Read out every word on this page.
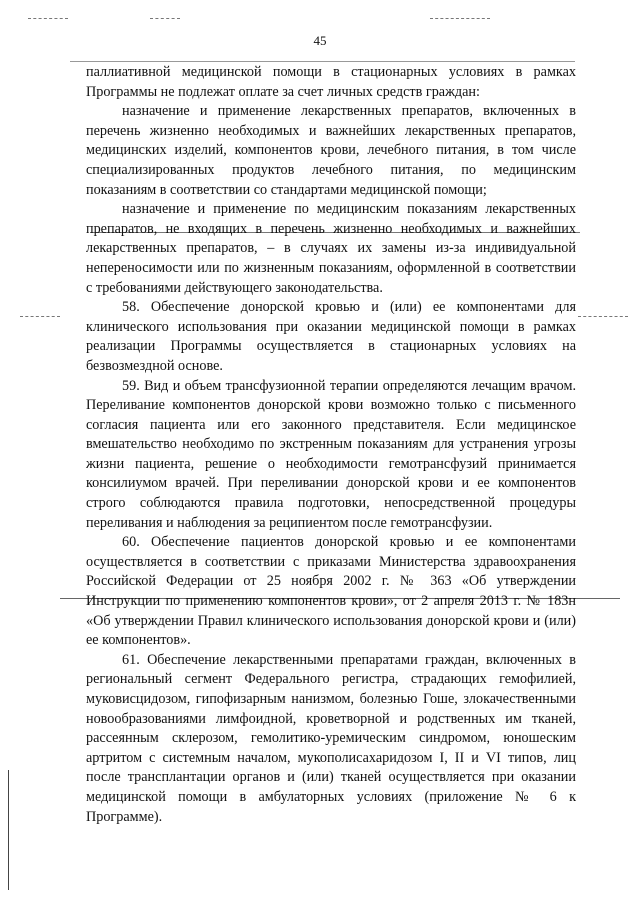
45

паллиативной медицинской помощи в стационарных условиях в рамках Программы не подлежат оплате за счет личных средств граждан:

назначение и применение лекарственных препаратов, включенных в перечень жизненно необходимых и важнейших лекарственных препаратов, медицинских изделий, компонентов крови, лечебного питания, в том числе специализированных продуктов лечебного питания, по медицинским показаниям в соответствии со стандартами медицинской помощи;

назначение и применение по медицинским показаниям лекарственных препаратов, не входящих в перечень жизненно необходимых и важнейших лекарственных препаратов, – в случаях их замены из-за индивидуальной непереносимости или по жизненным показаниям, оформленной в соответствии с требованиями действующего законодательства.

58. Обеспечение донорской кровью и (или) ее компонентами для клинического использования при оказании медицинской помощи в рамках реализации Программы осуществляется в стационарных условиях на безвозмездной основе.

59. Вид и объем трансфузионной терапии определяются лечащим врачом. Переливание компонентов донорской крови возможно только с письменного согласия пациента или его законного представителя. Если медицинское вмешательство необходимо по экстренным показаниям для устранения угрозы жизни пациента, решение о необходимости гемотрансфузий принимается консилиумом врачей. При переливании донорской крови и ее компонентов строго соблюдаются правила подготовки, непосредственной процедуры переливания и наблюдения за реципиентом после гемотрансфузии.

60. Обеспечение пациентов донорской кровью и ее компонентами осуществляется в соответствии с приказами Министерства здравоохранения Российской Федерации от 25 ноября 2002 г. № 363 «Об утверждении Инструкции по применению компонентов крови», от 2 апреля 2013 г. № 183н «Об утверждении Правил клинического использования донорской крови и (или) ее компонентов».

61. Обеспечение лекарственными препаратами граждан, включенных в региональный сегмент Федерального регистра, страдающих гемофилией, муковисцидозом, гипофизарным нанизмом, болезнью Гоше, злокачественными новообразованиями лимфоидной, кроветворной и родственных им тканей, рассеянным склерозом, гемолитико-уремическим синдромом, юношеским артритом с системным началом, мукополисахаридозом I, II и VI типов, лиц после трансплантации органов и (или) тканей осуществляется при оказании медицинской помощи в амбулаторных условиях (приложение № 6 к Программе).
